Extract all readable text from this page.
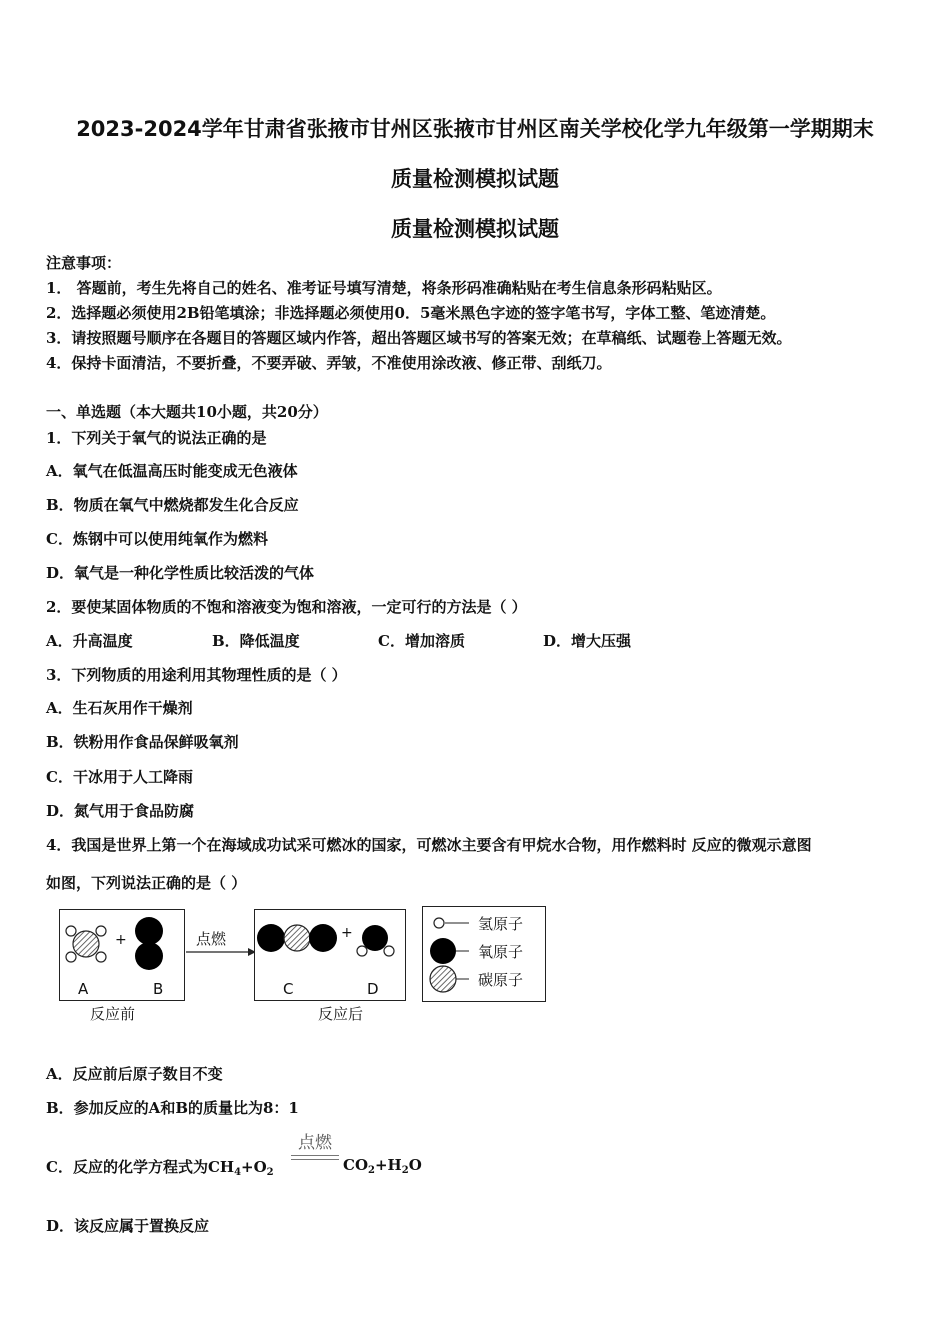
2023-2024学年甘肃省张掖市甘州区张掖市甘州区南关学校化学九年级第一学期期末
质量检测模拟试题
质量检测模拟试题
注意事项：
1． 答题前，考生先将自己的姓名、准考证号填写清楚，将条形码准确粘贴在考生信息条形码粘贴区。
2．选择题必须使用2B铅笔填涂；非选择题必须使用0．5毫米黑色字迹的签字笔书写，字体工整、笔迹清楚。
3．请按照题号顺序在各题目的答题区域内作答，超出答题区域书写的答案无效；在草稿纸、试题卷上答题无效。
4．保持卡面清洁，不要折叠，不要弄破、弄皱，不准使用涂改液、修正带、刮纸刀。
一、单选题（本大题共10小题，共20分）
1．下列关于氧气的说法正确的是
A．氧气在低温高压时能变成无色液体
B．物质在氧气中燃烧都发生化合反应
C．炼钢中可以使用纯氧作为燃料
D．氧气是一种化学性质比较活泼的气体
2．要使某固体物质的不饱和溶液变为饱和溶液，一定可行的方法是（ ）
A．升高温度	B．降低温度	C．增加溶质	D．增大压强
3．下列物质的用途利用其物理性质的是（ ）
A．生石灰用作干燥剂
B．铁粉用作食品保鲜吸氧剂
C．干冰用于人工降雨
D．氮气用于食品防腐
4．我国是世界上第一个在海域成功试采可燃冰的国家，可燃冰主要含有甲烷水合物，用作燃料时 反应的微观示意图
如图，下列说法正确的是（ ）
+
A	B
反应前
点燃	+
C	D
反应后
氢原子
氧原子
碳原子
A．反应前后原子数目不变
B．参加反应的A和B的质量比为8：1
C．反应的化学方程式为$CH_4+O_2$
点燃
$CO_2+H_2O$
D．该反应属于置换反应
